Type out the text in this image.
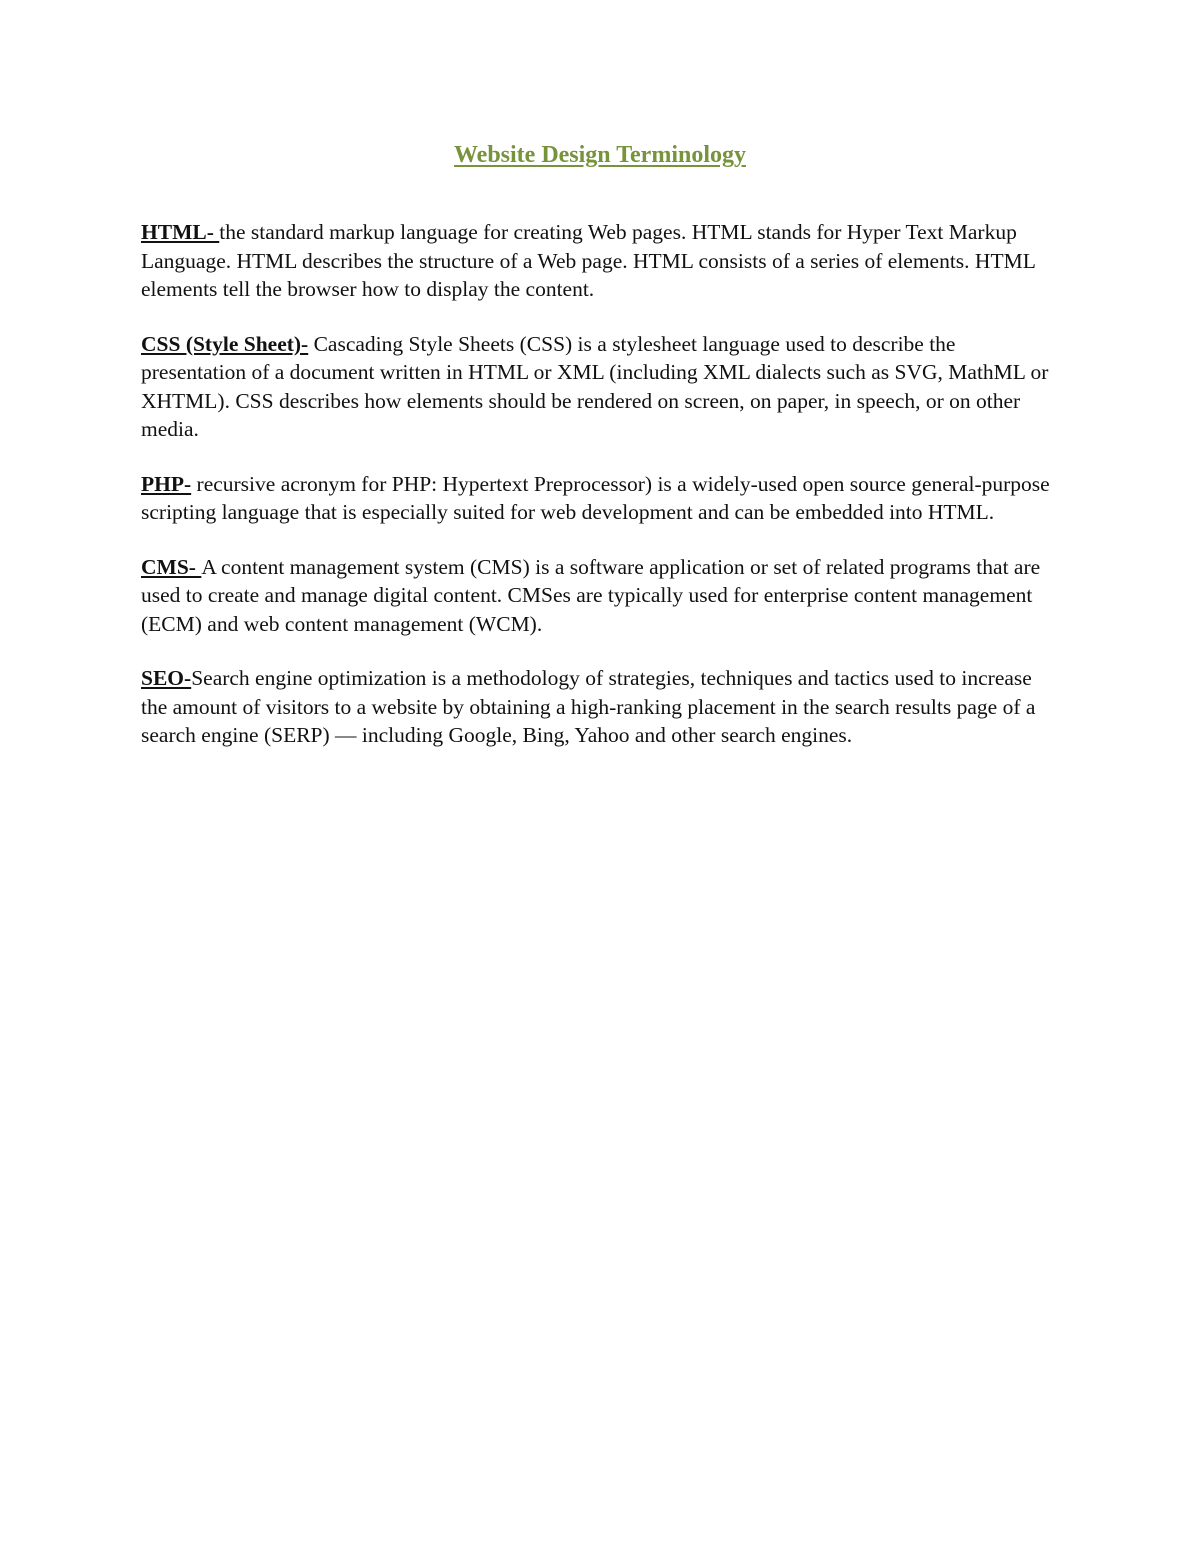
Website Design Terminology

HTML- the standard markup language for creating Web pages. HTML stands for Hyper Text Markup Language. HTML describes the structure of a Web page. HTML consists of a series of elements. HTML elements tell the browser how to display the content.

CSS (Style Sheet)- Cascading Style Sheets (CSS) is a stylesheet language used to describe the presentation of a document written in HTML or XML (including XML dialects such as SVG, MathML or XHTML). CSS describes how elements should be rendered on screen, on paper, in speech, or on other media.

PHP- recursive acronym for PHP: Hypertext Preprocessor) is a widely-used open source general-purpose scripting language that is especially suited for web development and can be embedded into HTML.

CMS- A content management system (CMS) is a software application or set of related programs that are used to create and manage digital content. CMSes are typically used for enterprise content management (ECM) and web content management (WCM).

SEO-Search engine optimization is a methodology of strategies, techniques and tactics used to increase the amount of visitors to a website by obtaining a high-ranking placement in the search results page of a search engine (SERP) — including Google, Bing, Yahoo and other search engines.
